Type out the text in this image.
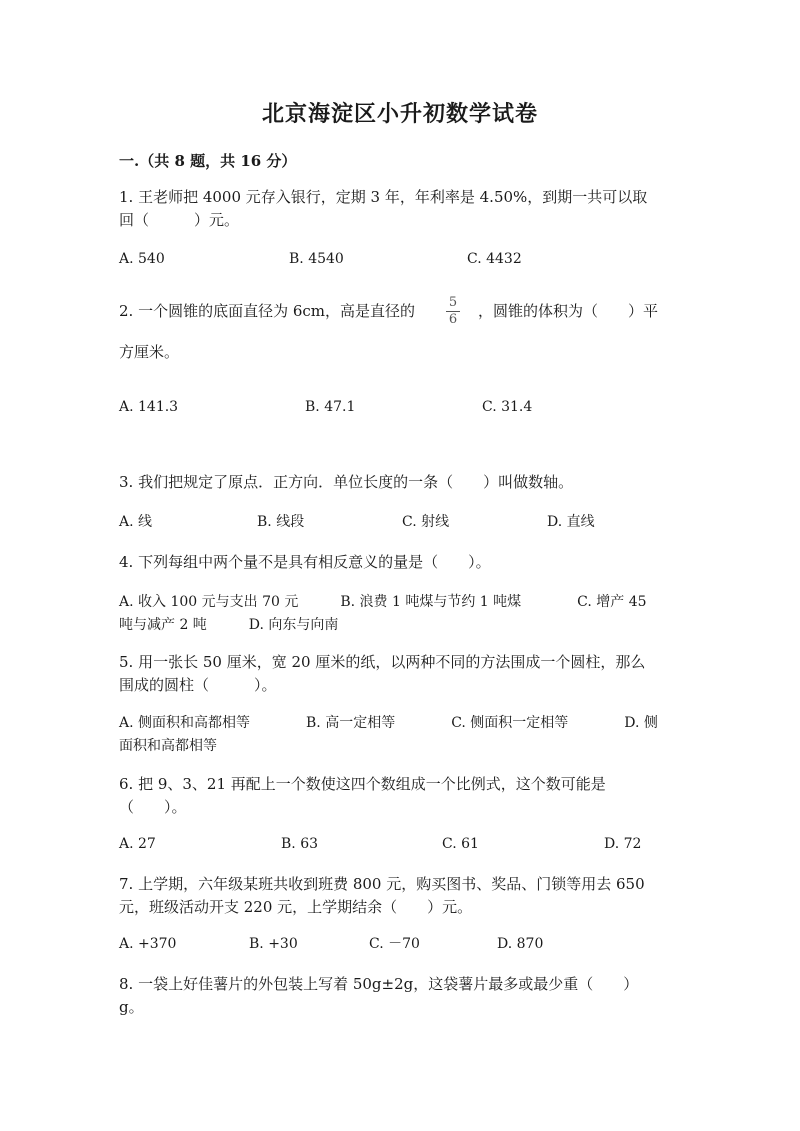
北京海淀区小升初数学试卷
一.（共 8 题，共 16 分）
1. 王老师把 4000 元存入银行，定期 3 年，年利率是 4.50%，到期一共可以取
回（　　　）元。
A. 540	B. 4540	C. 4432
2. 一个圆锥的底面直径为 6cm，高是直径的	5
6	，圆锥的体积为（　　）平
方厘米。
A. 141.3	B. 47.1	C. 31.4
3. 我们把规定了原点．正方向．单位长度的一条（　　）叫做数轴。
A. 线	B. 线段	C. 射线	D. 直线
4. 下列每组中两个量不是具有相反意义的量是（　　）。
A. 收入 100 元与支出 70 元　　　B. 浪费 1 吨煤与节约 1 吨煤　　　　C. 增产 45
吨与减产 2 吨　　　D. 向东与向南
5. 用一张长 50 厘米，宽 20 厘米的纸，以两种不同的方法围成一个圆柱，那么
围成的圆柱（　　　）。
A. 侧面积和高都相等　　　　B. 高一定相等　　　　C. 侧面积一定相等　　　　D. 侧
面积和高都相等
6. 把 9、3、21 再配上一个数使这四个数组成一个比例式，这个数可能是
（　　）。
A. 27	B. 63	C. 61	D. 72
7. 上学期，六年级某班共收到班费 800 元，购买图书、奖品、门锁等用去 650
元，班级活动开支 220 元，上学期结余（　　）元。
A. +370	B. +30	C. －70	D. 870
8. 一袋上好佳薯片的外包装上写着 50g±2g，这袋薯片最多或最少重（　　）
g。
